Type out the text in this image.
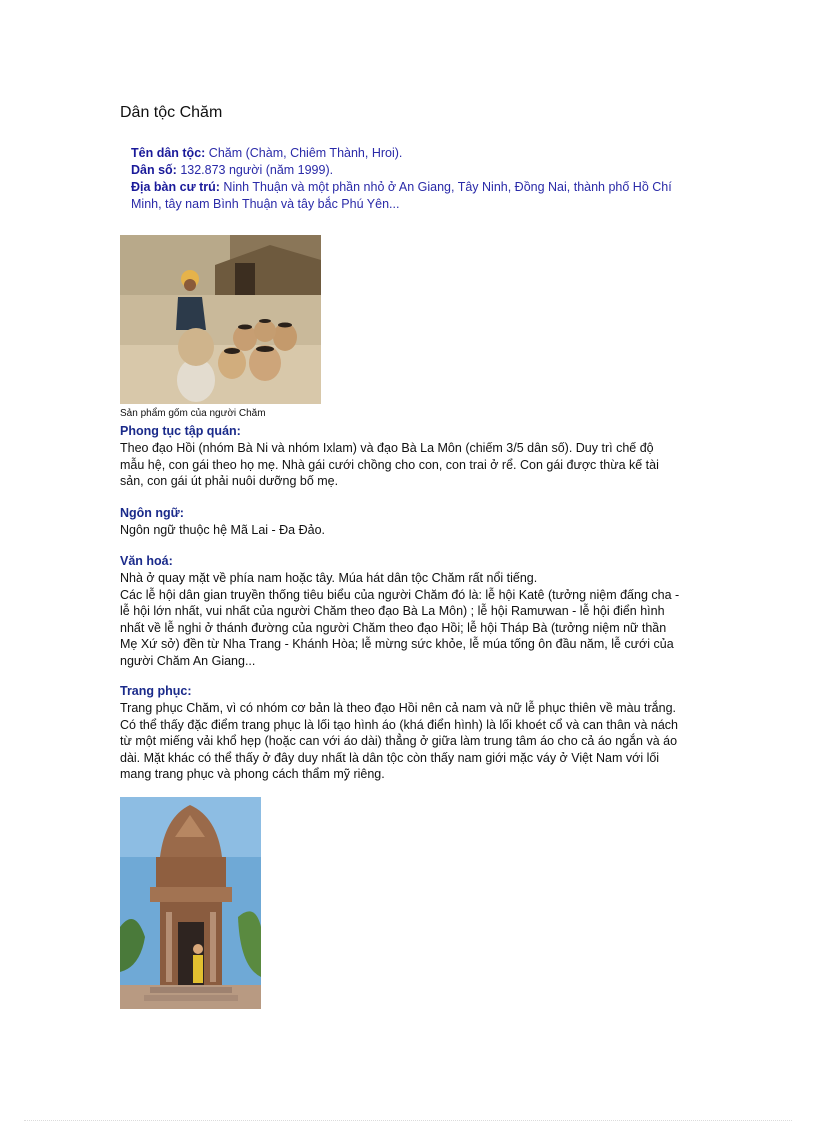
Dân tộc Chăm
Tên dân tộc: Chăm (Chàm, Chiêm Thành, Hroi).
Dân số: 132.873 người (năm 1999).
Địa bàn cư trú: Ninh Thuận và một phần nhỏ ở An Giang, Tây Ninh, Đồng Nai, thành phố Hồ Chí Minh, tây nam Bình Thuận và tây bắc Phú Yên...
Sản phẩm gốm của người Chăm
Phong tục tập quán:

Theo đạo Hồi (nhóm Bà Ni và nhóm Ixlam) và đạo Bà La Môn (chiếm 3/5 dân số). Duy trì chế độ mẫu hệ, con gái theo họ mẹ. Nhà gái cưới chồng cho con, con trai ở rể. Con gái được thừa kế tài sản, con gái út phải nuôi dưỡng bố mẹ.

Ngôn ngữ:

Ngôn ngữ thuộc hệ Mã Lai - Đa Đảo.

Văn hoá:

Nhà ở quay mặt về phía nam hoặc tây. Múa hát dân tộc Chăm rất nổi tiếng.

Các lễ hội dân gian truyền thống tiêu biểu của người Chăm đó là: lễ hội Katê (tưởng niệm đấng cha - lễ hội lớn nhất, vui nhất của người Chăm theo đạo Bà La Môn) ; lễ hội Ramưwan - lễ hội điển hình nhất về lễ nghi ở thánh đường của người Chăm theo đạo Hồi; lễ hội Tháp Bà (tưởng niệm nữ thần Mẹ Xứ sở) đền từ Nha Trang - Khánh Hòa; lễ mừng sức khỏe, lễ múa tống ôn đầu năm, lễ cưới của người Chăm An Giang...

Trang phục:

Trang phục Chăm, vì có nhóm cơ bản là theo đạo Hồi nên cả nam và nữ lễ phục thiên về màu trắng. Có thể thấy đặc điểm trang phục là lối tạo hình áo (khá điển hình) là lối khoét cổ và can thân và nách từ một miếng vải khổ hẹp (hoặc can với áo dài) thẳng ở giữa làm trung tâm áo cho cả áo ngắn và áo dài. Mặt khác có thể thấy ở đây duy nhất là dân tộc còn thấy nam giới mặc váy ở Việt Nam với lối mang trang phục và phong cách thẩm mỹ riêng.
